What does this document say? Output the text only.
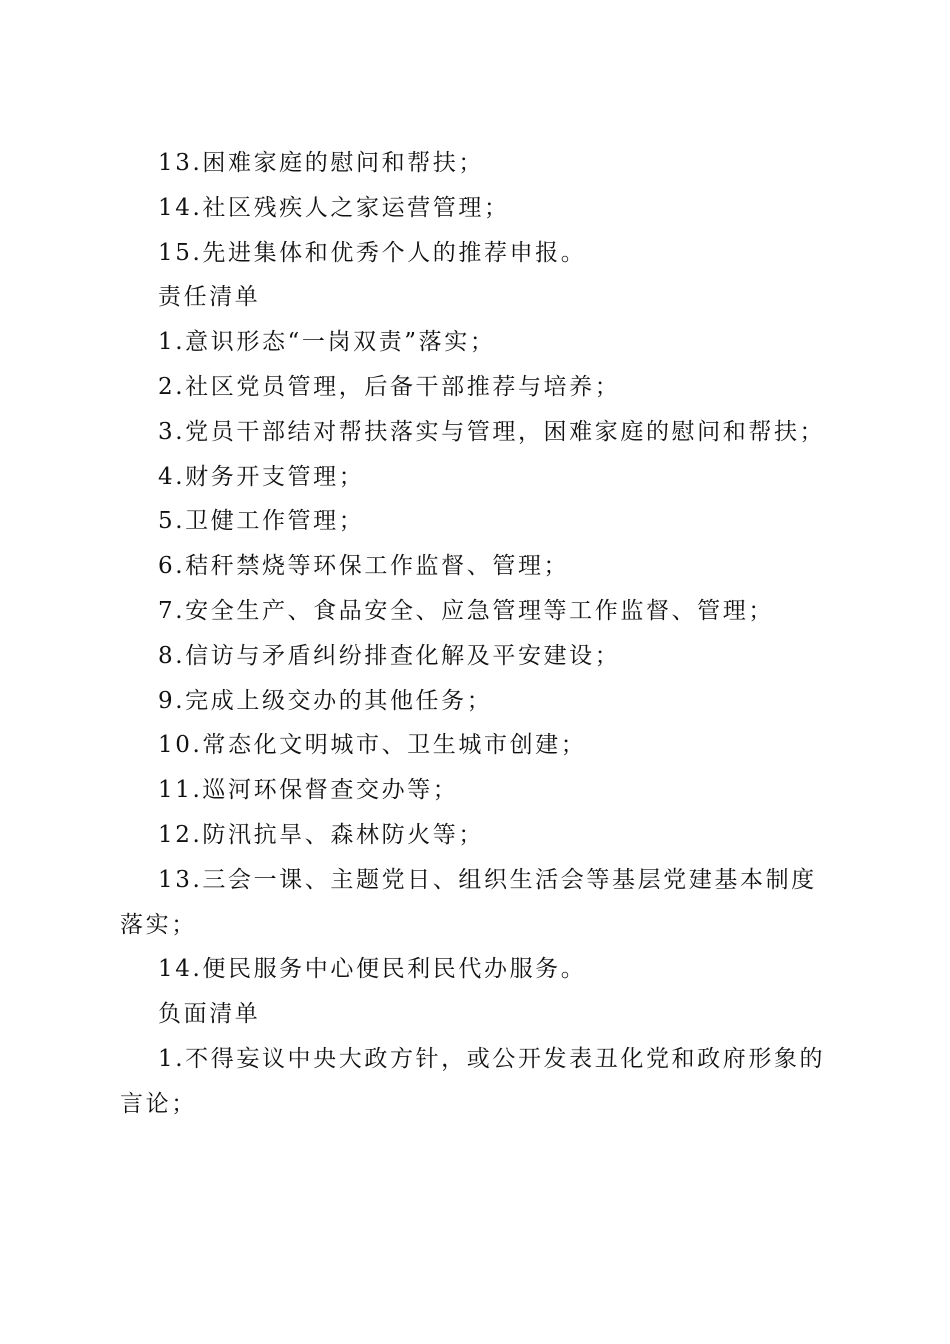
13.困难家庭的慰问和帮扶；
14.社区残疾人之家运营管理；
15.先进集体和优秀个人的推荐申报。
责任清单
1.意识形态“一岗双责”落实；
2.社区党员管理，后备干部推荐与培养；
3.党员干部结对帮扶落实与管理，困难家庭的慰问和帮扶；
4.财务开支管理；
5.卫健工作管理；
6.秸秆禁烧等环保工作监督、管理；
7.安全生产、食品安全、应急管理等工作监督、管理；
8.信访与矛盾纠纷排查化解及平安建设；
9.完成上级交办的其他任务；
10.常态化文明城市、卫生城市创建；
11.巡河环保督查交办等；
12.防汛抗旱、森林防火等；
13.三会一课、主题党日、组织生活会等基层党建基本制度
落实；
14.便民服务中心便民利民代办服务。
负面清单
1.不得妄议中央大政方针，或公开发表丑化党和政府形象的
言论；
